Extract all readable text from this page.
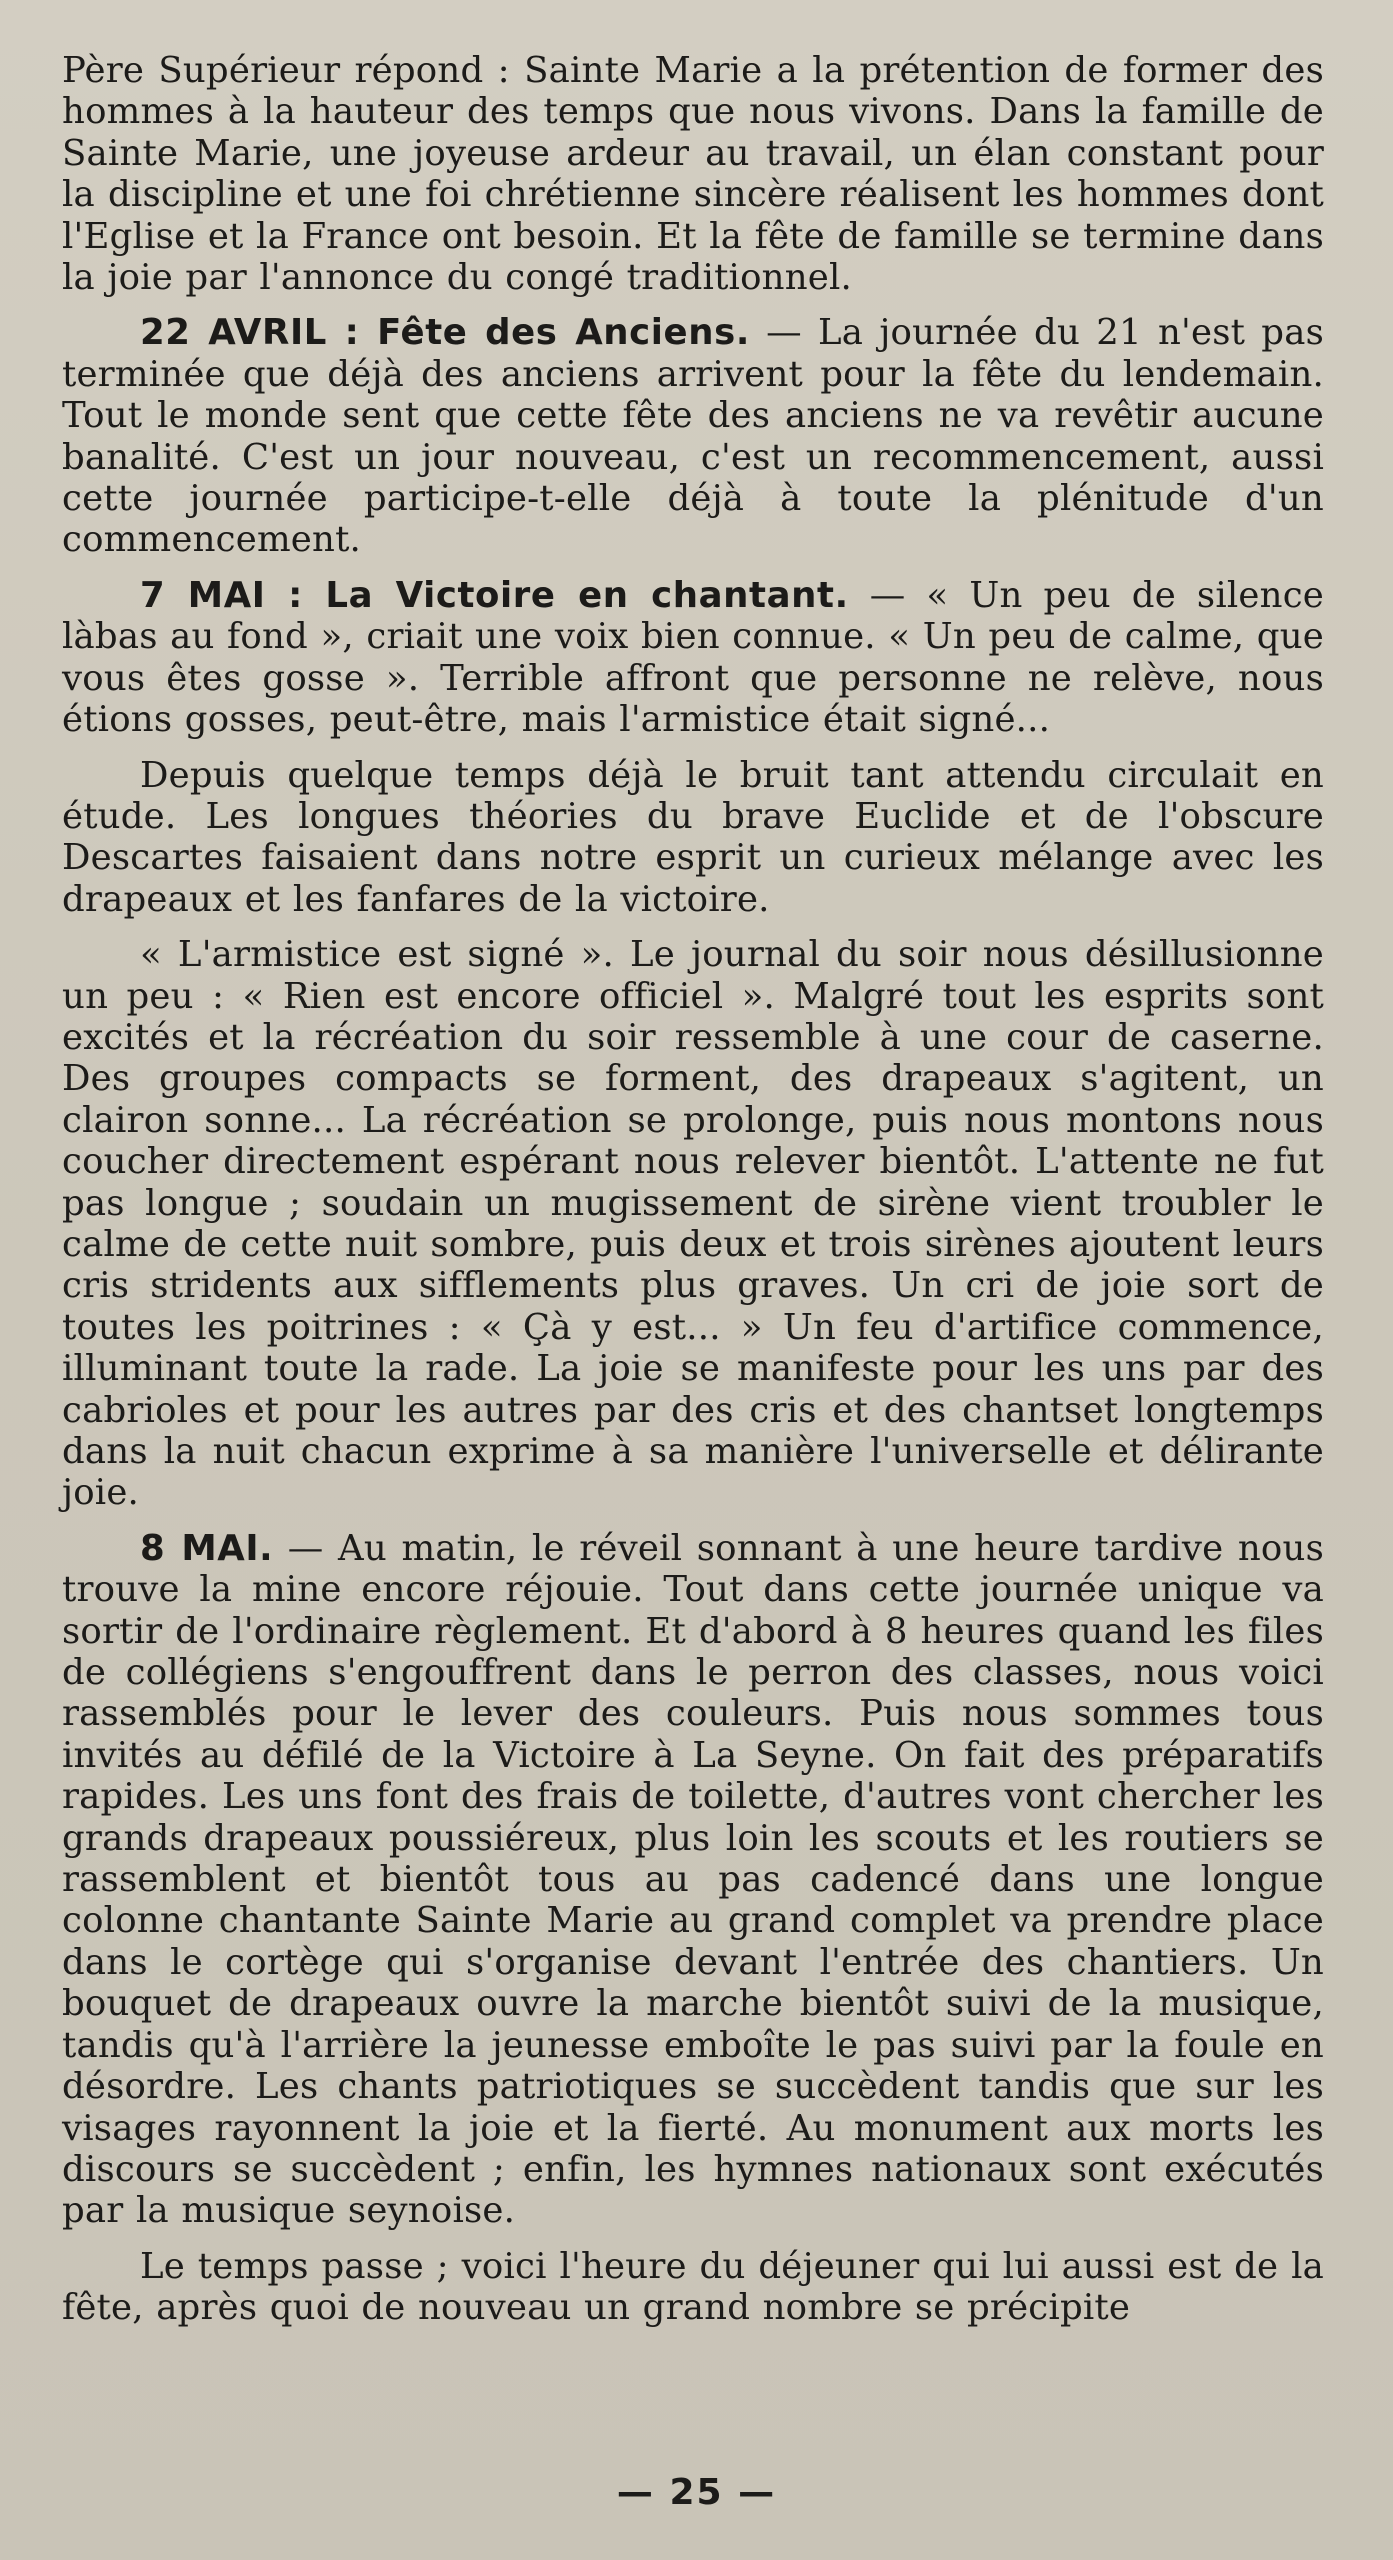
Père Supérieur répond : Sainte Marie a la prétention de former des hommes à la hauteur des temps que nous vivons. Dans la famille de Sainte Marie, une joyeuse ardeur au travail, un élan constant pour la discipline et une foi chrétienne sincère réalisent les hommes dont l'Eglise et la France ont besoin. Et la fête de famille se termine dans la joie par l'annonce du congé traditionnel.

22 AVRIL : Fête des Anciens. — La journée du 21 n'est pas terminée que déjà des anciens arrivent pour la fête du lendemain. Tout le monde sent que cette fête des anciens ne va revêtir aucune banalité. C'est un jour nouveau, c'est un recommencement, aussi cette journée participe-t-elle déjà à toute la plénitude d'un commencement.

7 MAI : La Victoire en chantant. — « Un peu de silence làbas au fond », criait une voix bien connue. « Un peu de calme, que vous êtes gosse ». Terrible affront que personne ne relève, nous étions gosses, peut-être, mais l'armistice était signé...

Depuis quelque temps déjà le bruit tant attendu circulait en étude. Les longues théories du brave Euclide et de l'obscure Descartes faisaient dans notre esprit un curieux mélange avec les drapeaux et les fanfares de la victoire.

« L'armistice est signé ». Le journal du soir nous désillusionne un peu : « Rien est encore officiel ». Malgré tout les esprits sont excités et la récréation du soir ressemble à une cour de caserne. Des groupes compacts se forment, des drapeaux s'agitent, un clairon sonne... La récréation se prolonge, puis nous montons nous coucher directement espérant nous relever bientôt. L'attente ne fut pas longue ; soudain un mugissement de sirène vient troubler le calme de cette nuit sombre, puis deux et trois sirènes ajoutent leurs cris stridents aux sifflements plus graves. Un cri de joie sort de toutes les poitrines : « Çà y est... » Un feu d'artifice commence, illuminant toute la rade. La joie se manifeste pour les uns par des cabrioles et pour les autres par des cris et des chantset longtemps dans la nuit chacun exprime à sa manière l'universelle et délirante joie.

8 MAI. — Au matin, le réveil sonnant à une heure tardive nous trouve la mine encore réjouie. Tout dans cette journée unique va sortir de l'ordinaire règlement. Et d'abord à 8 heures quand les files de collégiens s'engouffrent dans le perron des classes, nous voici rassemblés pour le lever des couleurs. Puis nous sommes tous invités au défilé de la Victoire à La Seyne. On fait des préparatifs rapides. Les uns font des frais de toilette, d'autres vont chercher les grands drapeaux poussiéreux, plus loin les scouts et les routiers se rassemblent et bientôt tous au pas cadencé dans une longue colonne chantante Sainte Marie au grand complet va prendre place dans le cortège qui s'organise devant l'entrée des chantiers. Un bouquet de drapeaux ouvre la marche bientôt suivi de la musique, tandis qu'à l'arrière la jeunesse emboîte le pas suivi par la foule en désordre. Les chants patriotiques se succèdent tandis que sur les visages rayonnent la joie et la fierté. Au monument aux morts les discours se succèdent ; enfin, les hymnes nationaux sont exécutés par la musique seynoise.

Le temps passe ; voici l'heure du déjeuner qui lui aussi est de la fête, après quoi de nouveau un grand nombre se précipite

— 25 —
